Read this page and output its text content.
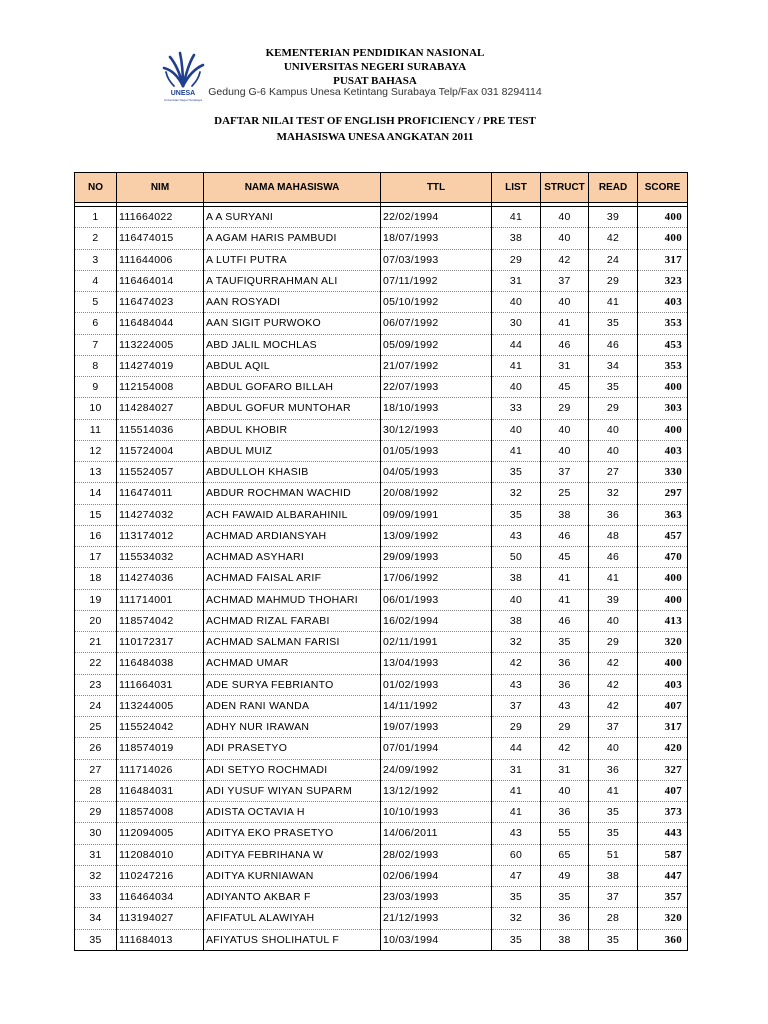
UNESA
Universitas Negeri Surabaya
KEMENTERIAN PENDIDIKAN NASIONAL
UNIVERSITAS NEGERI SURABAYA
PUSAT BAHASA
Gedung G-6 Kampus Unesa Ketintang Surabaya Telp/Fax 031 8294114
DAFTAR NILAI TEST OF ENGLISH PROFICIENCY / PRE TEST
MAHASISWA UNESA ANGKATAN 2011
NO	NIM	NAMA MAHASISWA	TTL	LIST	STRUCT	READ	SCORE

1	111664022	A A SURYANI	22/02/1994	41	40	39	400
2	116474015	A AGAM HARIS PAMBUDI	18/07/1993	38	40	42	400
3	111644006	A LUTFI PUTRA	07/03/1993	29	42	24	317
4	116464014	A TAUFIQURRAHMAN ALI	07/11/1992	31	37	29	323
5	116474023	AAN ROSYADI	05/10/1992	40	40	41	403
6	116484044	AAN SIGIT PURWOKO	06/07/1992	30	41	35	353
7	113224005	ABD JALIL MOCHLAS	05/09/1992	44	46	46	453
8	114274019	ABDUL AQIL	21/07/1992	41	31	34	353
9	112154008	ABDUL GOFARO BILLAH	22/07/1993	40	45	35	400
10	114284027	ABDUL GOFUR MUNTOHAR	18/10/1993	33	29	29	303
11	115514036	ABDUL KHOBIR	30/12/1993	40	40	40	400
12	115724004	ABDUL MUIZ	01/05/1993	41	40	40	403
13	115524057	ABDULLOH KHASIB	04/05/1993	35	37	27	330
14	116474011	ABDUR ROCHMAN WACHID	20/08/1992	32	25	32	297
15	114274032	ACH FAWAID ALBARAHINIL	09/09/1991	35	38	36	363
16	113174012	ACHMAD ARDIANSYAH	13/09/1992	43	46	48	457
17	115534032	ACHMAD ASYHARI	29/09/1993	50	45	46	470
18	114274036	ACHMAD FAISAL ARIF	17/06/1992	38	41	41	400
19	111714001	ACHMAD MAHMUD THOHARI	06/01/1993	40	41	39	400
20	118574042	ACHMAD RIZAL FARABI	16/02/1994	38	46	40	413
21	110172317	ACHMAD SALMAN FARISI	02/11/1991	32	35	29	320
22	116484038	ACHMAD UMAR	13/04/1993	42	36	42	400
23	111664031	ADE SURYA FEBRIANTO	01/02/1993	43	36	42	403
24	113244005	ADEN RANI WANDA	14/11/1992	37	43	42	407
25	115524042	ADHY NUR IRAWAN	19/07/1993	29	29	37	317
26	118574019	ADI PRASETYO	07/01/1994	44	42	40	420
27	111714026	ADI SETYO ROCHMADI	24/09/1992	31	31	36	327
28	116484031	ADI YUSUF WIYAN SUPARM	13/12/1992	41	40	41	407
29	118574008	ADISTA OCTAVIA H	10/10/1993	41	36	35	373
30	112094005	ADITYA EKO PRASETYO	14/06/2011	43	55	35	443
31	112084010	ADITYA FEBRIHANA W	28/02/1993	60	65	51	587
32	110247216	ADITYA KURNIAWAN	02/06/1994	47	49	38	447
33	116464034	ADIYANTO AKBAR F	23/03/1993	35	35	37	357
34	113194027	AFIFATUL ALAWIYAH	21/12/1993	32	36	28	320
35	111684013	AFIYATUS SHOLIHATUL F	10/03/1994	35	38	35	360
